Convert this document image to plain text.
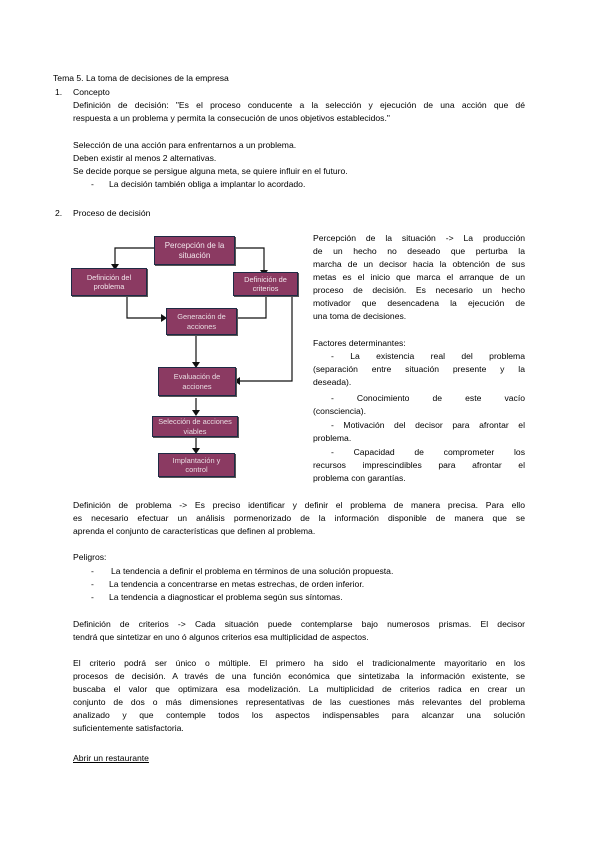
Tema 5. La toma de decisiones de la empresa
1. Concepto
Definición de decisión: "Es el proceso conducente a la selección y ejecución de una acción que dé
respuesta a un problema y permita la consecución de unos objetivos establecidos."
Selección de una acción para enfrentarnos a un problema.
Deben existir al menos 2 alternativas.
Se decide porque se persigue alguna meta, se quiere influir en el futuro.
- La decisión también obliga a implantar lo acordado.
2. Proceso de decisión
Percepción de la situación
Definición del problema
Definición de criterios
Generación de acciones
Evaluación de acciones
Selección de acciones viables
Implantación y control
Percepción de la situación -> La producción
de un hecho no deseado que perturba la
marcha de un decisor hacia la obtención de sus
metas es el inicio que marca el arranque de un
proceso de decisión. Es necesario un hecho
motivador que desencadena la ejecución de
una toma de decisiones.
Factores determinantes:
- La existencia real del problema
(separación entre situación presente y la
deseada).
- Conocimiento de este vacío
(consciencia).
- Motivación del decisor para afrontar el
problema.
- Capacidad de comprometer los
recursos imprescindibles para afrontar el
problema con garantías.
Definición de problema -> Es preciso identificar y definir el problema de manera precisa. Para ello
es necesario efectuar un análisis pormenorizado de la información disponible de manera que se
aprenda el conjunto de características que definen al problema.
Peligros:
- La tendencia a definir el problema en términos de una solución propuesta.
- La tendencia a concentrarse en metas estrechas, de orden inferior.
- La tendencia a diagnosticar el problema según sus síntomas.
Definición de criterios -> Cada situación puede contemplarse bajo numerosos prismas. El decisor
tendrá que sintetizar en uno ó algunos criterios esa multiplicidad de aspectos.
El criterio podrá ser único o múltiple. El primero ha sido el tradicionalmente mayoritario en los
procesos de decisión. A través de una función económica que sintetizaba la información existente, se
buscaba el valor que optimizara esa modelización. La multiplicidad de criterios radica en crear un
conjunto de dos o más dimensiones representativas de las cuestiones más relevantes del problema
analizado y que contemple todos los aspectos indispensables para alcanzar una solución
suficientemente satisfactoria.
Abrir un restaurante
